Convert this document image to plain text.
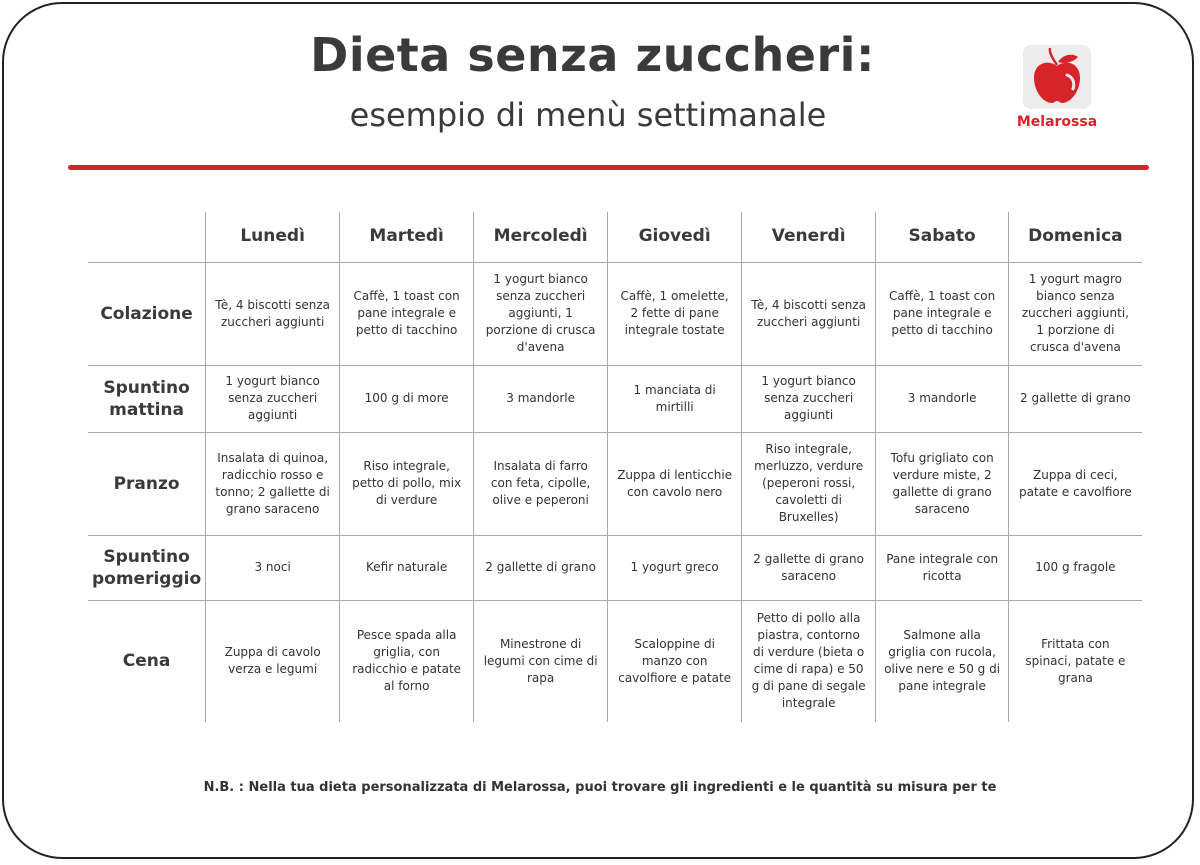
Dieta senza zuccheri:
esempio di menù settimanale	Melarossa
	Lunedì	Martedì	Mercoledì	Giovedì	Venerdì	Sabato	Domenica
Colazione	Tè, 4 biscotti senza zuccheri aggiunti	Caffè, 1 toast con pane integrale e petto di tacchino	1 yogurt bianco senza zuccheri aggiunti, 1 porzione di crusca d'avena	Caffè, 1 omelette, 2 fette di pane integrale tostate	Tè, 4 biscotti senza zuccheri aggiunti	Caffè, 1 toast con pane integrale e petto di tacchino	1 yogurt magro bianco senza zuccheri aggiunti, 1 porzione di crusca d'avena
Spuntino mattina	1 yogurt bianco senza zuccheri aggiunti	100 g di more	3 mandorle	1 manciata di mirtilli	1 yogurt bianco senza zuccheri aggiunti	3 mandorle	2 gallette di grano
Pranzo	Insalata di quinoa, radicchio rosso e tonno; 2 gallette di grano saraceno	Riso integrale, petto di pollo, mix di verdure	Insalata di farro con feta, cipolle, olive e peperoni	Zuppa di lenticchie con cavolo nero	Riso integrale, merluzzo, verdure (peperoni rossi, cavoletti di Bruxelles)	Tofu grigliato con verdure miste, 2 gallette di grano saraceno	Zuppa di ceci, patate e cavolfiore
Spuntino pomeriggio	3 noci	Kefir naturale	2 gallette di grano	1 yogurt greco	2 gallette di grano saraceno	Pane integrale con ricotta	100 g fragole
Cena	Zuppa di cavolo verza e legumi	Pesce spada alla griglia, con radicchio e patate al forno	Minestrone di legumi con cime di rapa	Scaloppine di manzo con cavolfiore e patate	Petto di pollo alla piastra, contorno di verdure (bieta o cime di rapa) e 50 g di pane di segale integrale	Salmone alla griglia con rucola, olive nere e 50 g di pane integrale	Frittata con spinaci, patate e grana
N.B. : Nella tua dieta personalizzata di Melarossa, puoi trovare gli ingredienti e le quantità su misura per te
